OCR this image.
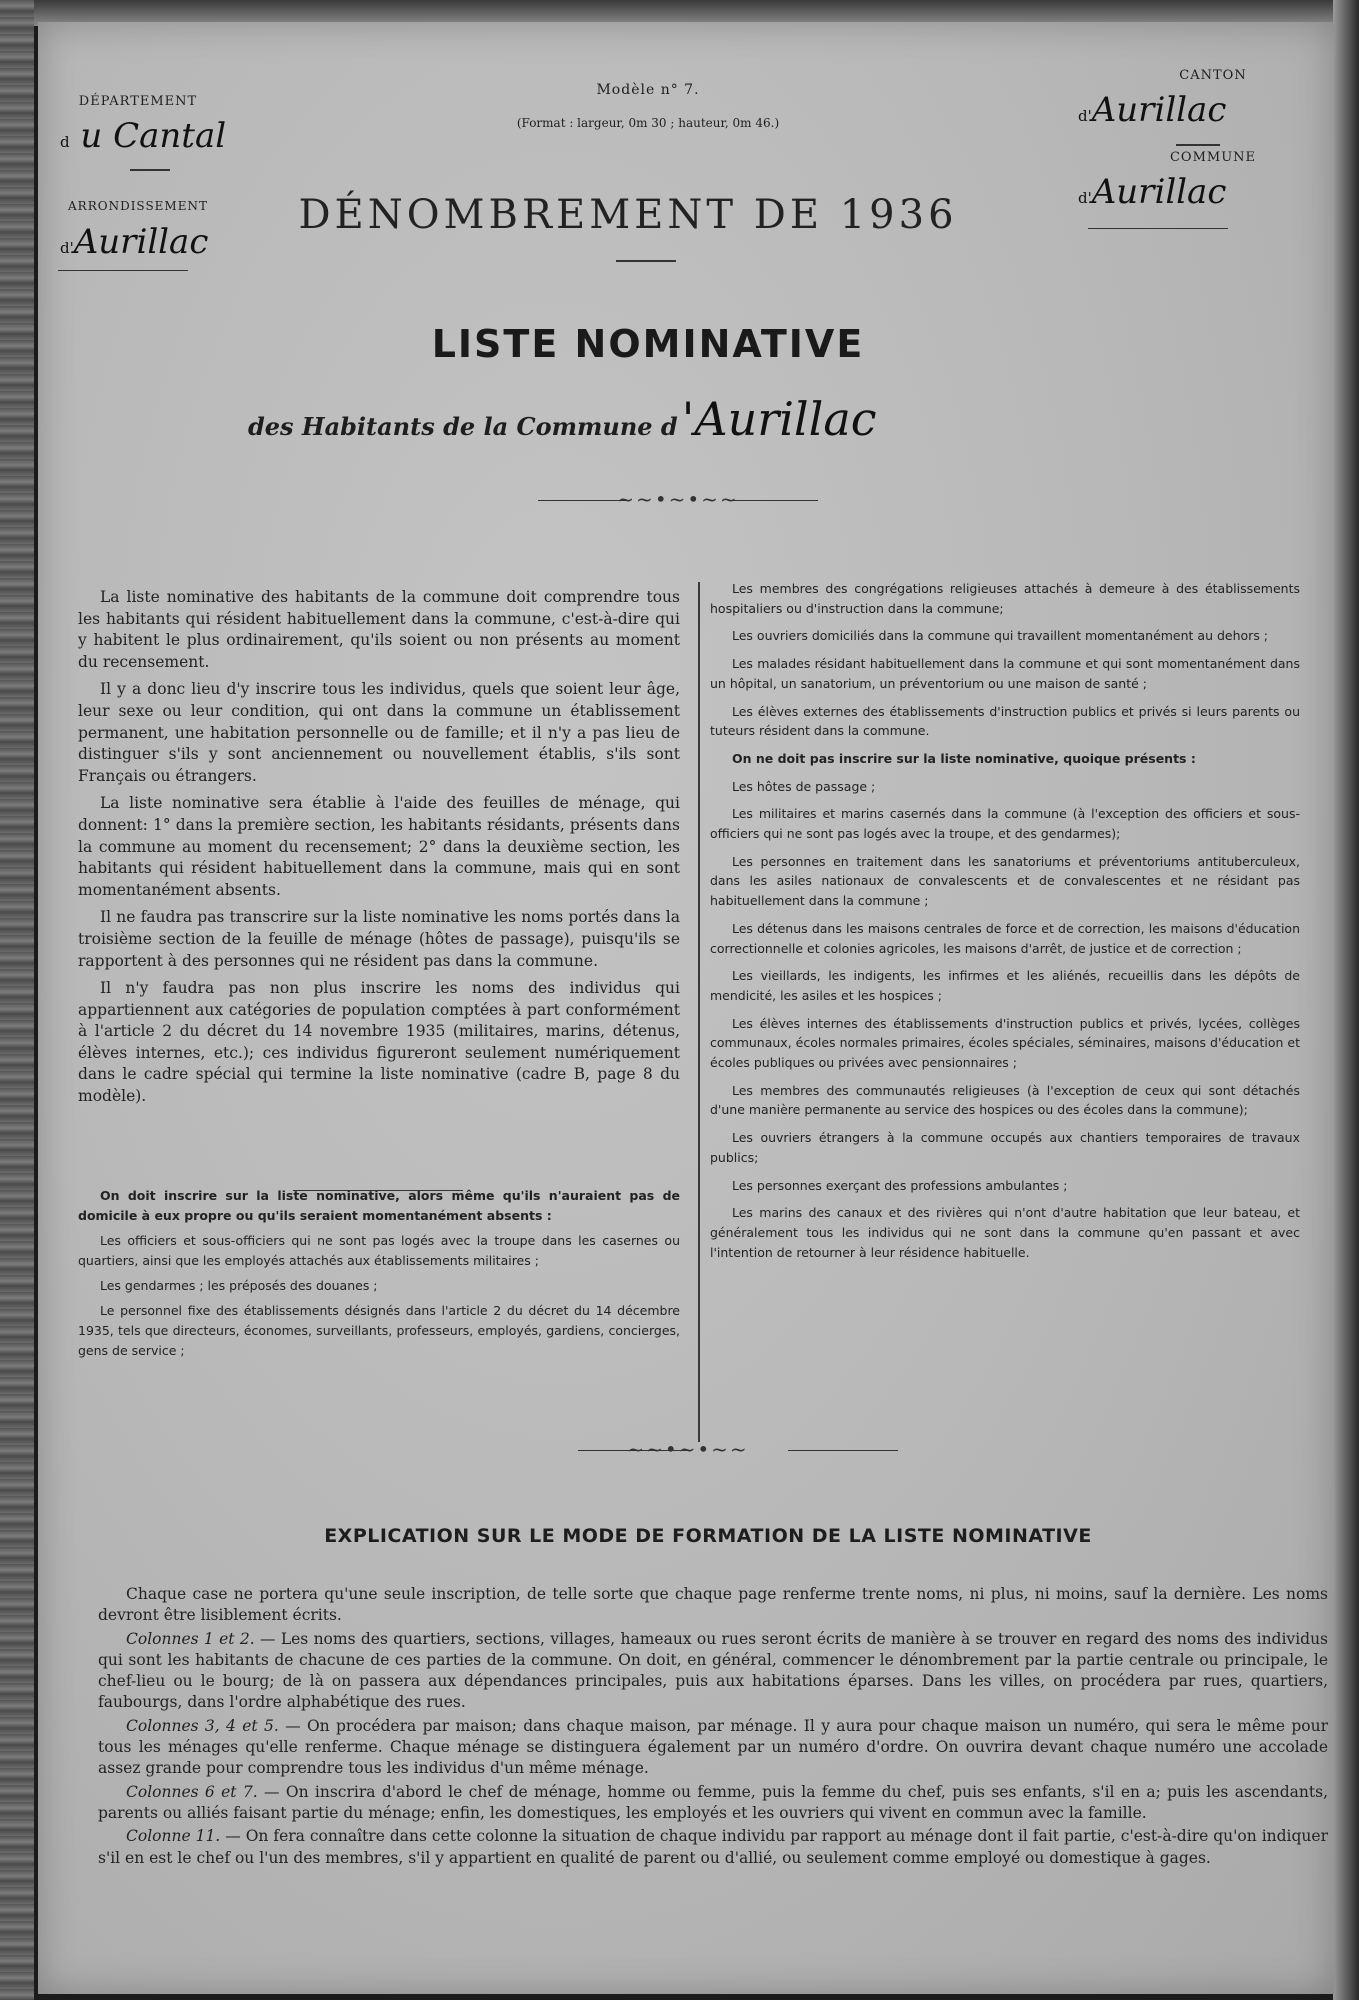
DÉPARTEMENT
d u Cantal
ARRONDISSEMENT
d'Aurillac
Modèle n° 7.
(Format : largeur, 0m 30 ; hauteur, 0m 46.)
DÉNOMBREMENT DE 1936
CANTON
d'Aurillac
COMMUNE
d'Aurillac
LISTE NOMINATIVE
des Habitants de la Commune d'Aurillac
~~•~•~~

La liste nominative des habitants de la commune doit comprendre tous les habitants qui résident habituellement dans la commune, c'est-à-dire qui y habitent le plus ordinairement, qu'ils soient ou non présents au moment du recensement.

Il y a donc lieu d'y inscrire tous les individus, quels que soient leur âge, leur sexe ou leur condition, qui ont dans la commune un établissement permanent, une habitation personnelle ou de famille; et il n'y a pas lieu de distinguer s'ils y sont anciennement ou nouvellement établis, s'ils sont Français ou étrangers.

La liste nominative sera établie à l'aide des feuilles de ménage, qui donnent: 1° dans la première section, les habitants résidants, présents dans la commune au moment du recensement; 2° dans la deuxième section, les habitants qui résident habituellement dans la commune, mais qui en sont momentanément absents.

Il ne faudra pas transcrire sur la liste nominative les noms portés dans la troisième section de la feuille de ménage (hôtes de passage), puisqu'ils se rapportent à des personnes qui ne résident pas dans la commune.

Il n'y faudra pas non plus inscrire les noms des individus qui appartiennent aux catégories de population comptées à part conformément à l'article 2 du décret du 14 novembre 1935 (militaires, marins, détenus, élèves internes, etc.); ces individus figureront seulement numériquement dans le cadre spécial qui termine la liste nominative (cadre B, page 8 du modèle).

On doit inscrire sur la liste nominative, alors même qu'ils n'auraient pas de domicile à eux propre ou qu'ils seraient momentanément absents :

Les officiers et sous-officiers qui ne sont pas logés avec la troupe dans les casernes ou quartiers, ainsi que les employés attachés aux établissements militaires ;

Les gendarmes ; les préposés des douanes ;

Le personnel fixe des établissements désignés dans l'article 2 du décret du 14 décembre 1935, tels que directeurs, économes, surveillants, professeurs, employés, gardiens, concierges, gens de service ;

Les membres des congrégations religieuses attachés à demeure à des établissements hospitaliers ou d'instruction dans la commune;

Les ouvriers domiciliés dans la commune qui travaillent momentanément au dehors ;

Les malades résidant habituellement dans la commune et qui sont momentanément dans un hôpital, un sanatorium, un préventorium ou une maison de santé ;

Les élèves externes des établissements d'instruction publics et privés si leurs parents ou tuteurs résident dans la commune.

On ne doit pas inscrire sur la liste nominative, quoique présents :

Les hôtes de passage ;

Les militaires et marins casernés dans la commune (à l'exception des officiers et sous-officiers qui ne sont pas logés avec la troupe, et des gendarmes);

Les personnes en traitement dans les sanatoriums et préventoriums antituberculeux, dans les asiles nationaux de convalescents et de convalescentes et ne résidant pas habituellement dans la commune ;

Les détenus dans les maisons centrales de force et de correction, les maisons d'éducation correctionnelle et colonies agricoles, les maisons d'arrêt, de justice et de correction ;

Les vieillards, les indigents, les infirmes et les aliénés, recueillis dans les dépôts de mendicité, les asiles et les hospices ;

Les élèves internes des établissements d'instruction publics et privés, lycées, collèges communaux, écoles normales primaires, écoles spéciales, séminaires, maisons d'éducation et écoles publiques ou privées avec pensionnaires ;

Les membres des communautés religieuses (à l'exception de ceux qui sont détachés d'une manière permanente au service des hospices ou des écoles dans la commune);

Les ouvriers étrangers à la commune occupés aux chantiers temporaires de travaux publics;

Les personnes exerçant des professions ambulantes ;

Les marins des canaux et des rivières qui n'ont d'autre habitation que leur bateau, et généralement tous les individus qui ne sont dans la commune qu'en passant et avec l'intention de retourner à leur résidence habituelle.

~~•~•~~
EXPLICATION SUR LE MODE DE FORMATION DE LA LISTE NOMINATIVE

Chaque case ne portera qu'une seule inscription, de telle sorte que chaque page renferme trente noms, ni plus, ni moins, sauf la dernière. Les noms devront être lisiblement écrits.

Colonnes 1 et 2. — Les noms des quartiers, sections, villages, hameaux ou rues seront écrits de manière à se trouver en regard des noms des individus qui sont les habitants de chacune de ces parties de la commune. On doit, en général, commencer le dénombrement par la partie centrale ou principale, le chef-lieu ou le bourg; de là on passera aux dépendances principales, puis aux habitations éparses. Dans les villes, on procédera par rues, quartiers, faubourgs, dans l'ordre alphabétique des rues.

Colonnes 3, 4 et 5. — On procédera par maison; dans chaque maison, par ménage. Il y aura pour chaque maison un numéro, qui sera le même pour tous les ménages qu'elle renferme. Chaque ménage se distinguera également par un numéro d'ordre. On ouvrira devant chaque numéro une accolade assez grande pour comprendre tous les individus d'un même ménage.

Colonnes 6 et 7. — On inscrira d'abord le chef de ménage, homme ou femme, puis la femme du chef, puis ses enfants, s'il en a; puis les ascendants, parents ou alliés faisant partie du ménage; enfin, les domestiques, les employés et les ouvriers qui vivent en commun avec la famille.

Colonne 11. — On fera connaître dans cette colonne la situation de chaque individu par rapport au ménage dont il fait partie, c'est-à-dire qu'on indiquer s'il en est le chef ou l'un des membres, s'il y appartient en qualité de parent ou d'allié, ou seulement comme employé ou domestique à gages.
